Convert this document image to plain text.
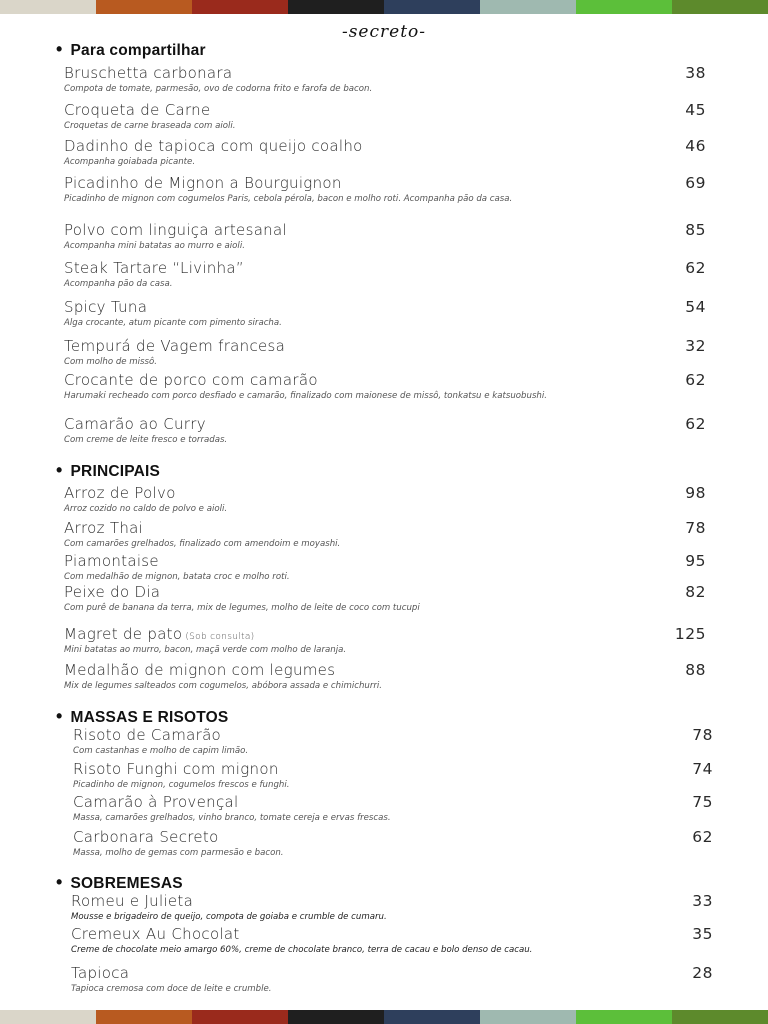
-secreto-
• Para compartilhar
Bruschetta carbonara
Compota de tomate, parmesão, ovo de codorna frito e farofa de bacon.
38
Croqueta de Carne
Croquetas de carne braseada com aioli.
45
Dadinho de tapioca com queijo coalho
Acompanha goiabada picante.
46
Picadinho de Mignon a Bourguignon
Picadinho de mignon com cogumelos Paris, cebola pérola, bacon e molho roti. Acompanha pão da casa.
69
Polvo com linguiça artesanal
Acompanha mini batatas ao murro e aioli.
85
Steak Tartare “Livinha”
Acompanha pão da casa.
62
Spicy Tuna
Alga crocante, atum picante com pimento siracha.
54
Tempurá de Vagem francesa
Com molho de missô.
32
Crocante de porco com camarão
Harumaki recheado com porco desfiado e camarão, finalizado com maionese de missô, tonkatsu e katsuobushi.
62
Camarão ao Curry
Com creme de leite fresco e torradas.
62
• PRINCIPAIS
Arroz de Polvo
Arroz cozido no caldo de polvo e aioli.
98
Arroz Thai
Com camarões grelhados, finalizado com amendoim e moyashi.
78
Piamontaise
Com medalhão de mignon, batata croc e molho roti.
95
Peixe do Dia
Com purê de banana da terra, mix de legumes, molho de leite de coco com tucupi
82
Magret de pato (Sob consulta)
Mini batatas ao murro, bacon, maçã verde com molho de laranja.
125
Medalhão de mignon com legumes
Mix de legumes salteados com cogumelos, abóbora assada e chimichurri.
88
• MASSAS E RISOTOS
Risoto de Camarão
Com castanhas e molho de capim limão.
78
Risoto Funghi com mignon
Picadinho de mignon, cogumelos frescos e funghi.
74
Camarão à Provençal
Massa, camarões grelhados, vinho branco, tomate cereja e ervas frescas.
75
Carbonara Secreto
Massa, molho de gemas com parmesão e bacon.
62
• SOBREMESAS
Romeu e Julieta
Mousse e brigadeiro de queijo, compota de goiaba e crumble de cumaru.
33
Cremeux Au Chocolat
Creme de chocolate meio amargo 60%, creme de chocolate branco, terra de cacau e bolo denso de cacau.
35
Tapioca
Tapioca cremosa com doce de leite e crumble.
28
